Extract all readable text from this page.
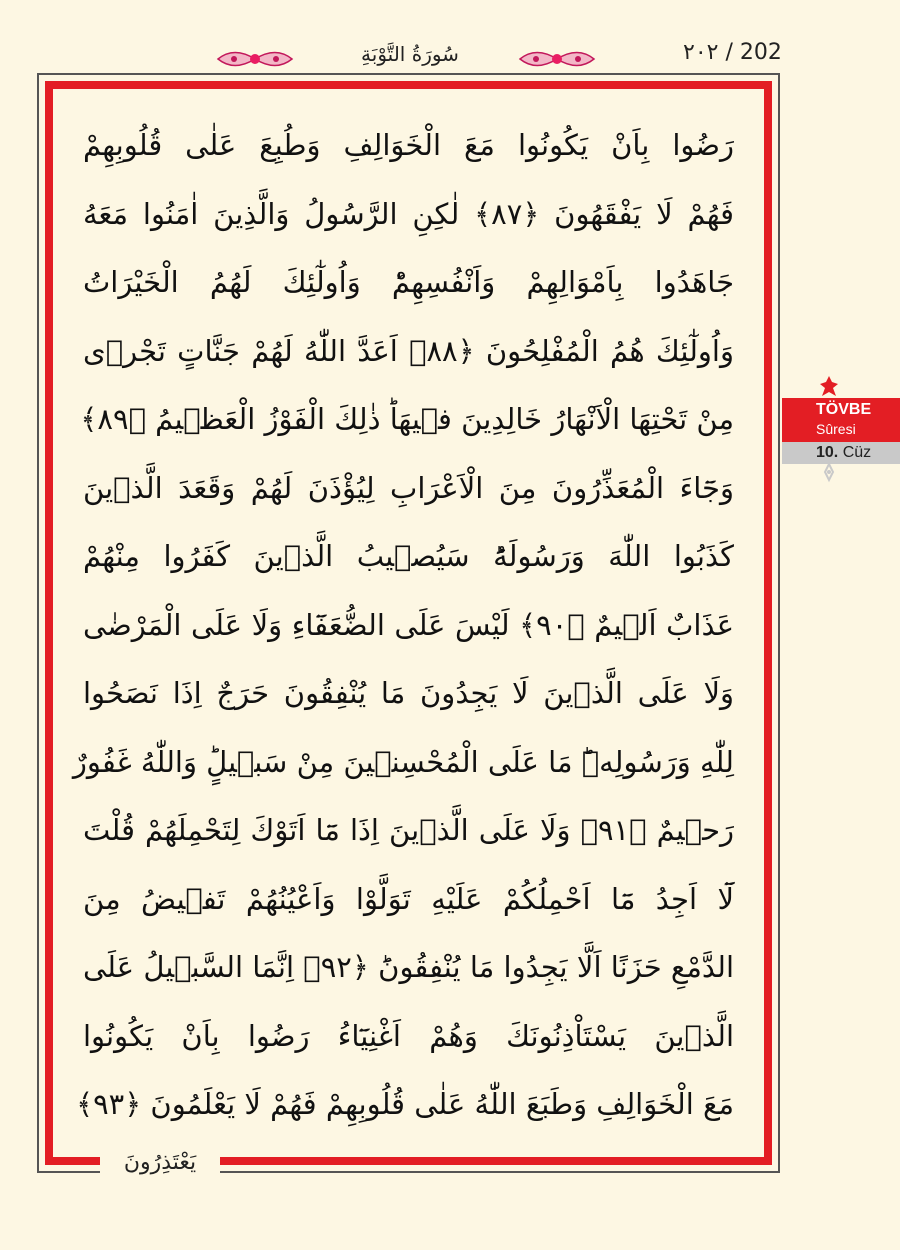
٢٠٢ / 202
سُورَةُ التَّوْبَةِ
رَضُوا بِاَنْ يَكُونُوا مَعَ الْخَوَالِفِ وَطُبِعَ عَلٰى قُلُوبِهِمْ
فَهُمْ لَا يَفْقَهُونَ ﴿٨٧﴾ لٰكِنِ الرَّسُولُ وَالَّذِينَ اٰمَنُوا مَعَهُ
جَاهَدُوا بِاَمْوَالِهِمْ وَاَنْفُسِهِمْؕ وَاُولٰٓئِكَ لَهُمُ الْخَيْرَاتُ
وَاُولٰٓئِكَ هُمُ الْمُفْلِحُونَ ﴿٨٨﴾ اَعَدَّ اللّٰهُ لَهُمْ جَنَّاتٍ تَجْرٖى
مِنْ تَحْتِهَا الْاَنْهَارُ خَالِدِينَ فٖيهَاؕ ذٰلِكَ الْفَوْزُ الْعَظٖيمُ ﴿٨٩﴾
وَجَٓاءَ الْمُعَذِّرُونَ مِنَ الْاَعْرَابِ لِيُؤْذَنَ لَهُمْ وَقَعَدَ الَّذٖينَ
كَذَبُوا اللّٰهَ وَرَسُولَهُؕ سَيُصٖيبُ الَّذٖينَ كَفَرُوا مِنْهُمْ
عَذَابٌ اَلٖيمٌ ﴿٩٠﴾ لَيْسَ عَلَى الضُّعَفَٓاءِ وَلَا عَلَى الْمَرْضٰى
وَلَا عَلَى الَّذٖينَ لَا يَجِدُونَ مَا يُنْفِقُونَ حَرَجٌ اِذَا نَصَحُوا
لِلّٰهِ وَرَسُولِهٖؕ مَا عَلَى الْمُحْسِنٖينَ مِنْ سَبٖيلٍؕ وَاللّٰهُ غَفُورٌ
رَحٖيمٌ ﴿٩١﴾ وَلَا عَلَى الَّذٖينَ اِذَا مَٓا اَتَوْكَ لِتَحْمِلَهُمْ قُلْتَ
لَٓا اَجِدُ مَٓا اَحْمِلُكُمْ عَلَيْهِ تَوَلَّوْا وَاَعْيُنُهُمْ تَفٖيضُ مِنَ
الدَّمْعِ حَزَنًا اَلَّا يَجِدُوا مَا يُنْفِقُونَؕ ﴿٩٢﴾ اِنَّمَا السَّبٖيلُ عَلَى
الَّذٖينَ يَسْتَاْذِنُونَكَ وَهُمْ اَغْنِيَٓاءُ رَضُوا بِاَنْ يَكُونُوا
مَعَ الْخَوَالِفِ وَطَبَعَ اللّٰهُ عَلٰى قُلُوبِهِمْ فَهُمْ لَا يَعْلَمُونَ ﴿٩٣﴾
يَعْتَذِرُونَ
TÖVBE
Sûresi
10. Cüz
